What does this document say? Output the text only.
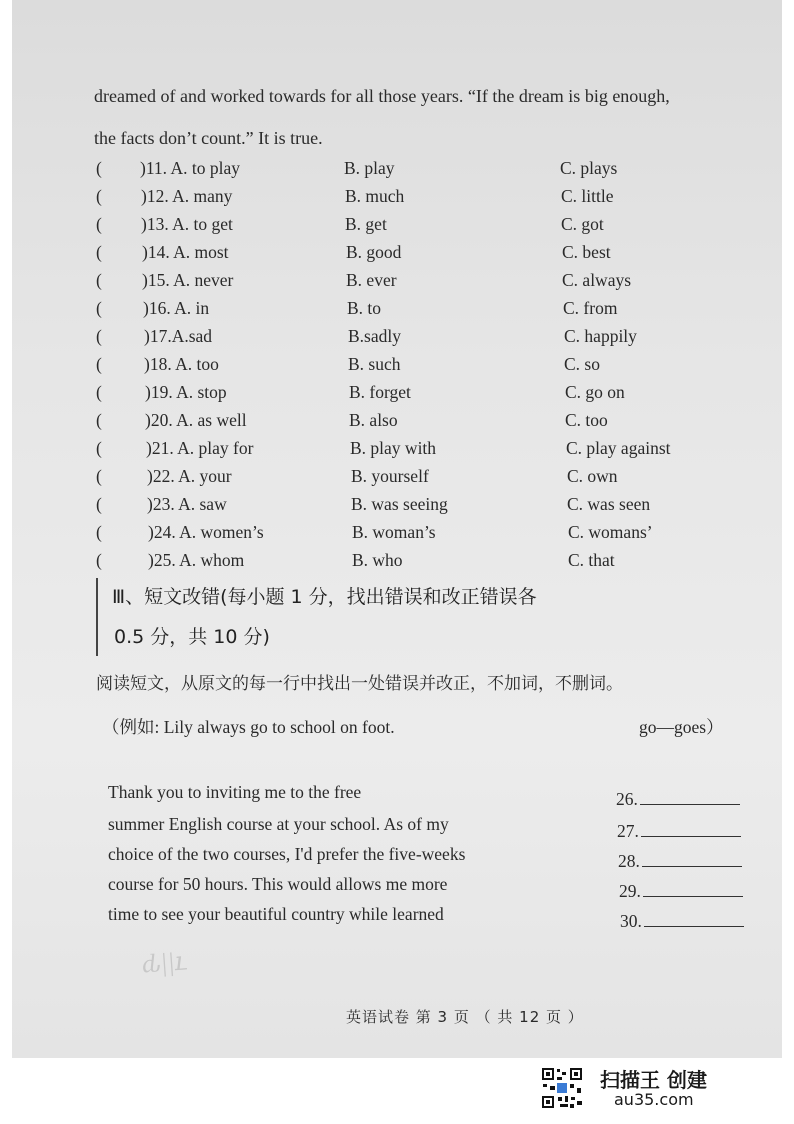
dreamed of and worked towards for all those years. “If the dream is big enough,
the facts don’t count.” It is true.
( )11. A. to play	B. play	C. plays
( )12. A. many	B. much	C. little
( )13. A. to get	B. get	C. got
( )14. A. most	B. good	C. best
( )15. A. never	B. ever	C. always
( )16. A. in	B. to	C. from
( )17.A.sad	B.sadly	C. happily
( )18. A. too	B. such	C. so
( )19. A. stop	B. forget	C. go on
( )20. A. as well	B. also	C. too
(	)21. A. play for	B. play with	C. play against
(	)22. A. your	B. yourself	C. own
(	)23. A. saw	B. was seeing	C. was seen
(	)24. A. women’s	B. woman’s	C. womans’
(	)25. A. whom	B. who	C. that
Ⅲ、短文改错(每小题 1 分，找出错误和改正错误各
0.5 分，共 10 分)
阅读短文，从原文的每一行中找出一处错误并改正，不加词，不删词。
（例如: Lily always go to school on foot.	go—goes）
Thank you to inviting me to the free	26.
summer English course at your school. As of my	27.
choice of the two courses, I'd prefer the five-weeks	28.
course for 50 hours. This would allows me more	29.
time to see your beautiful country while learned	30.
ԃ||ւ
英语试卷 第 3 页 （ 共 12 页 ）
扫描王 创建
au35.com
